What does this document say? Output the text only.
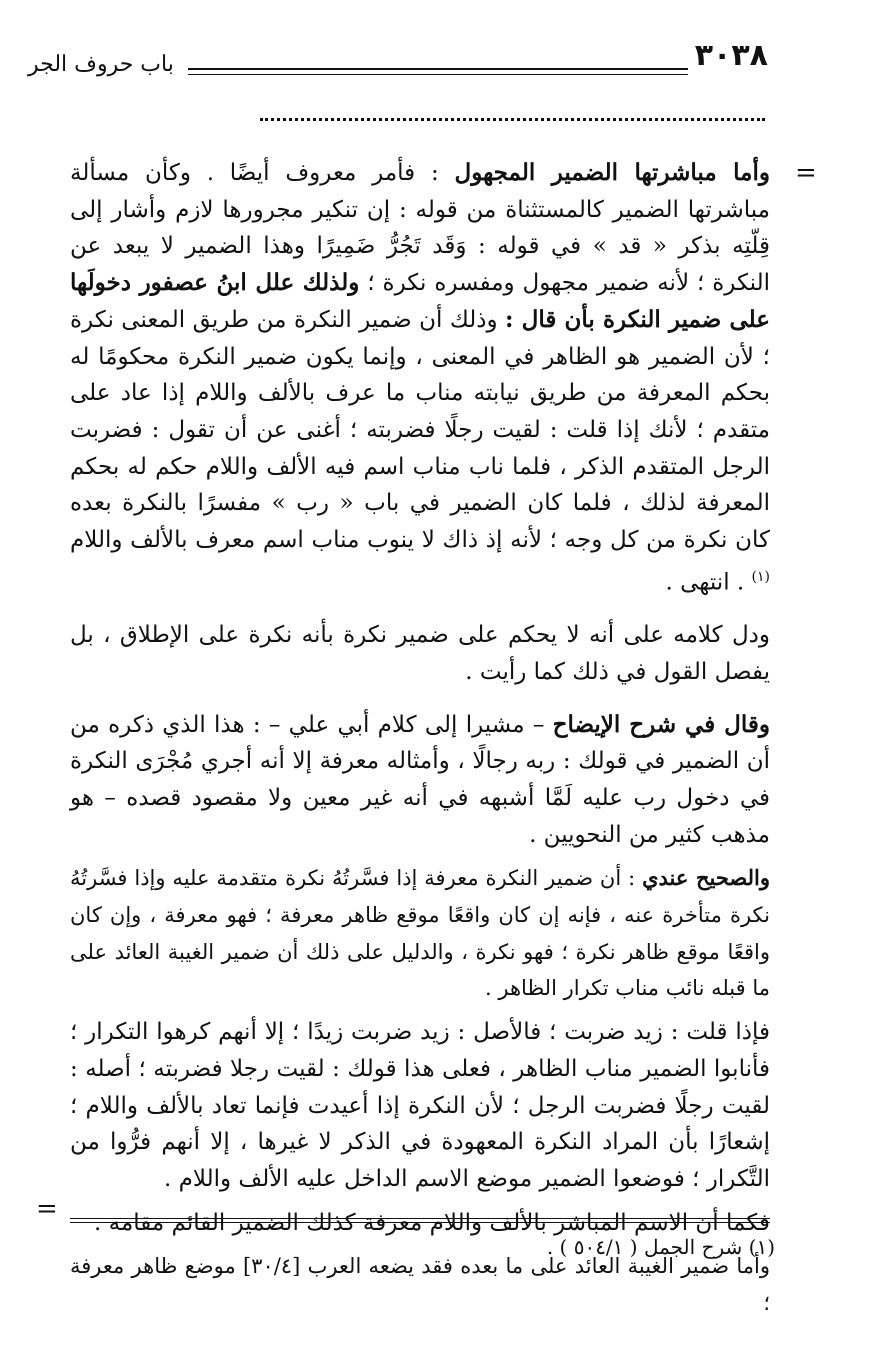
٣٠٣٨
باب حروف الجر
=

وأما مباشرتها الضمير المجهول : فأمر معروف أيضًا . وكأن مسألة مباشرتها الضمير كالمستثناة من قوله : إن تنكير مجرورها لازم وأشار إلى قِلّتِه بذكر « قد » في قوله : وَقَد تَجُرُّ ضَمِيرًا وهذا الضمير لا يبعد عن النكرة ؛ لأنه ضمير مجهول ومفسره نكرة ؛ ولذلك علل ابنُ عصفور دخولَها على ضمير النكرة بأن قال : وذلك أن ضمير النكرة من طريق المعنى نكرة ؛ لأن الضمير هو الظاهر في المعنى ، وإنما يكون ضمير النكرة محكومًا له بحكم المعرفة من طريق نيابته مناب ما عرف بالألف واللام إذا عاد على متقدم ؛ لأنك إذا قلت : لقيت رجلًا فضربته ؛ أغنى عن أن تقول : فضربت الرجل المتقدم الذكر ، فلما ناب مناب اسم فيه الألف واللام حكم له بحكم المعرفة لذلك ، فلما كان الضمير في باب « رب » مفسرًا بالنكرة بعده كان نكرة من كل وجه ؛ لأنه إذ ذاك لا ينوب مناب اسم معرف بالألف واللام $^{(١)}$ . انتهى .

ودل كلامه على أنه لا يحكم على ضمير نكرة بأنه نكرة على الإطلاق ، بل يفصل القول في ذلك كما رأيت .

وقال في شرح الإيضاح – مشيرا إلى كلام أبي علي – : هذا الذي ذكره من أن الضمير في قولك : ربه رجالًا ، وأمثاله معرفة إلا أنه أجري مُجْرَى النكرة في دخول رب عليه لَمَّا أشبهه في أنه غير معين ولا مقصود قصده – هو مذهب كثير من النحويين .

والصحيح عندي : أن ضمير النكرة معرفة إذا فسَّرتُهُ نكرة متقدمة عليه وإذا فسَّرتُهُ نكرة متأخرة عنه ، فإنه إن كان واقعًا موقع ظاهر معرفة ؛ فهو معرفة ، وإن كان واقعًا موقع ظاهر نكرة ؛ فهو نكرة ، والدليل على ذلك أن ضمير الغيبة العائد على ما قبله نائب مناب تكرار الظاهر .

فإذا قلت : زيد ضربت ؛ فالأصل : زيد ضربت زيدًا ؛ إلا أنهم كرهوا التكرار ؛ فأنابوا الضمير مناب الظاهر ، فعلى هذا قولك : لقيت رجلا فضربته ؛ أصله : لقيت رجلًا فضربت الرجل ؛ لأن النكرة إذا أعيدت فإنما تعاد بالألف واللام ؛ إشعارًا بأن المراد النكرة المعهودة في الذكر لا غيرها ، إلا أنهم فرُّوا من التَّكرار ؛ فوضعوا الضمير موضع الاسم الداخل عليه الألف واللام .

فكما أن الاسم المباشر بالألف واللام معرفة كذلك الضمير القائم مقامه .

وأما ضمير الغيبة العائد على ما بعده فقد يضعه العرب [٣٠/٤] موضع ظاهر معرفة ؛

=
(١) شرح الجمل ( ٥٠٤/١ ) .
